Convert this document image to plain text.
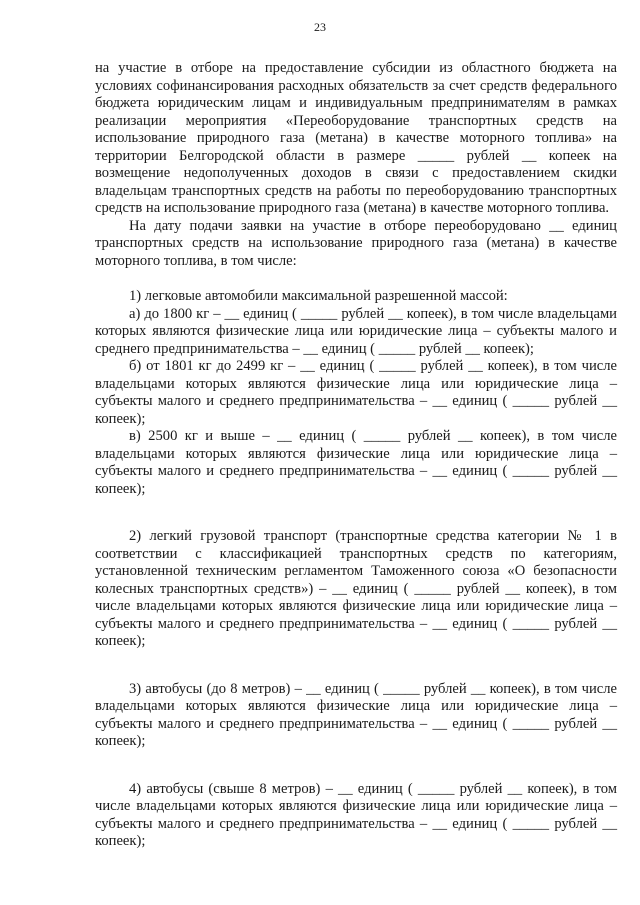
23

на участие в отборе на предоставление субсидии из областного бюджета на условиях софинансирования расходных обязательств за счет средств федерального бюджета юридическим лицам и индивидуальным предпринимателям в рамках реализации мероприятия «Переоборудование транспортных средств на использование природного газа (метана) в качестве моторного топлива» на территории Белгородской области в размере _____ рублей __ копеек на возмещение недополученных доходов в связи с предоставлением скидки владельцам транспортных средств на работы по переоборудованию транспортных средств на использование природного газа (метана) в качестве моторного топлива.

На дату подачи заявки на участие в отборе переоборудовано __ единиц транспортных средств на использование природного газа (метана) в качестве моторного топлива, в том числе:

1) легковые автомобили максимальной разрешенной массой:

а) до 1800 кг – __ единиц ( _____ рублей __ копеек), в том числе владельцами которых являются физические лица или юридические лица – субъекты малого и среднего предпринимательства – __ единиц ( _____ рублей __ копеек);

б) от 1801 кг до 2499 кг – __ единиц ( _____ рублей __ копеек), в том числе владельцами которых являются физические лица или юридические лица – субъекты малого и среднего предпринимательства – __ единиц ( _____ рублей __ копеек);

в) 2500 кг и выше – __ единиц ( _____ рублей __ копеек), в том числе владельцами которых являются физические лица или юридические лица – субъекты малого и среднего предпринимательства – __ единиц ( _____ рублей __ копеек);

2) легкий грузовой транспорт (транспортные средства категории № 1 в соответствии с классификацией транспортных средств по категориям, установленной техническим регламентом Таможенного союза «О безопасности колесных транспортных средств») – __ единиц ( _____ рублей __ копеек), в том числе владельцами которых являются физические лица или юридические лица – субъекты малого и среднего предпринимательства – __ единиц ( _____ рублей __ копеек);

3) автобусы (до 8 метров) – __ единиц ( _____ рублей __ копеек), в том числе владельцами которых являются физические лица или юридические лица – субъекты малого и среднего предпринимательства – __ единиц ( _____ рублей __ копеек);

4) автобусы (свыше 8 метров) – __ единиц ( _____ рублей __ копеек), в том числе владельцами которых являются физические лица или юридические лица – субъекты малого и среднего предпринимательства – __ единиц ( _____ рублей __ копеек);
